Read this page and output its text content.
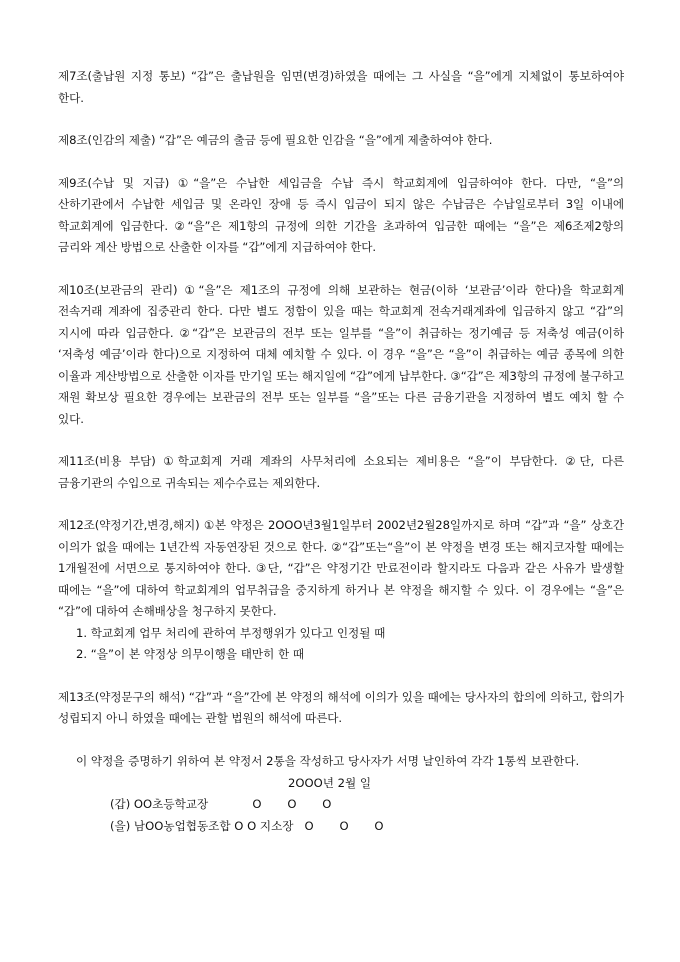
제7조(출납원 지정 통보) “갑”은 출납원을 임면(변경)하였을 때에는 그 사실을 “을”에게 지체없이 통보하여야 한다.

제8조(인감의 제출) “갑”은 예금의 출금 등에 필요한 인감을 “을”에게 제출하여야 한다.

제9조(수납 및 지급) ①“을”은 수납한 세입금을 수납 즉시 학교회계에 입금하여야 한다. 다만, “을”의 산하기관에서 수납한 세입금 및 온라인 장애 등 즉시 입금이 되지 않은 수납금은 수납일로부터 3일 이내에 학교회계에 입금한다. ②“을”은 제1항의 규정에 의한 기간을 초과하여 입금한 때에는 “을”은 제6조제2항의 금리와 계산 방법으로 산출한 이자를 “갑”에게 지급하여야 한다.

제10조(보관금의 관리) ①“을”은 제1조의 규정에 의해 보관하는 현금(이하 ‘보관금’이라 한다)을 학교회계 전속거래 계좌에 집중관리 한다. 다만 별도 정함이 있을 때는 학교회계 전속거래계좌에 입금하지 않고 “갑”의 지시에 따라 입금한다. ②“갑”은 보관금의 전부 또는 일부를 “을”이 취급하는 정기예금 등 저축성 예금(이하 ‘저축성 예금’이라 한다)으로 지정하여 대체 예치할 수 있다. 이 경우 “을”은 “을”이 취급하는 예금 종목에 의한 이율과 계산방법으로 산출한 이자를 만기일 또는 해지일에 “갑”에게 납부한다. ③“갑”은 제3항의 규정에 불구하고 재원 확보상 필요한 경우에는 보관금의 전부 또는 일부를 “을”또는 다른 금융기관을 지정하여 별도 예치 할 수 있다.

제11조(비용 부담) ①학교회계 거래 계좌의 사무처리에 소요되는 제비용은 “을”이 부담한다. ②단, 다른 금융기관의 수입으로 귀속되는 제수수료는 제외한다.

제12조(약정기간,변경,해지) ①본 약정은 2OOO년3월1일부터 2002년2월28일까지로 하며 “갑”과 “을” 상호간 이의가 없을 때에는 1년간씩 자동연장된 것으로 한다. ②“갑”또는“을”이 본 약정을 변경 또는 해지코자할 때에는 1개월전에 서면으로 통지하여야 한다. ③단, “갑”은 약정기간 만료전이라 할지라도 다음과 같은 사유가 발생할 때에는 “을”에 대하여 학교회계의 업무취급을 중지하게 하거나 본 약정을 해지할 수 있다. 이 경우에는 “을”은 “갑”에 대하여 손해배상을 청구하지 못한다.

1. 학교회계 업무 처리에 관하여 부정행위가 있다고 인정될 때

2. “을”이 본 약정상 의무이행을 태만히 한 때

제13조(약정문구의 해석) “갑”과 “을”간에 본 약정의 해석에 이의가 있을 때에는 당사자의 합의에 의하고, 합의가 성립되지 아니 하였을 때에는 관할 법원의 해석에 따른다.

이 약정을 증명하기 위하여 본 약정서 2통을 작성하고 당사자가 서명 날인하여 각각 1통씩 보관한다.

2OOO년 2월 일

(갑) OO초등학교장            O       O       O

(을) 남OO농업협동조합 O O 지소장   O       O       O
